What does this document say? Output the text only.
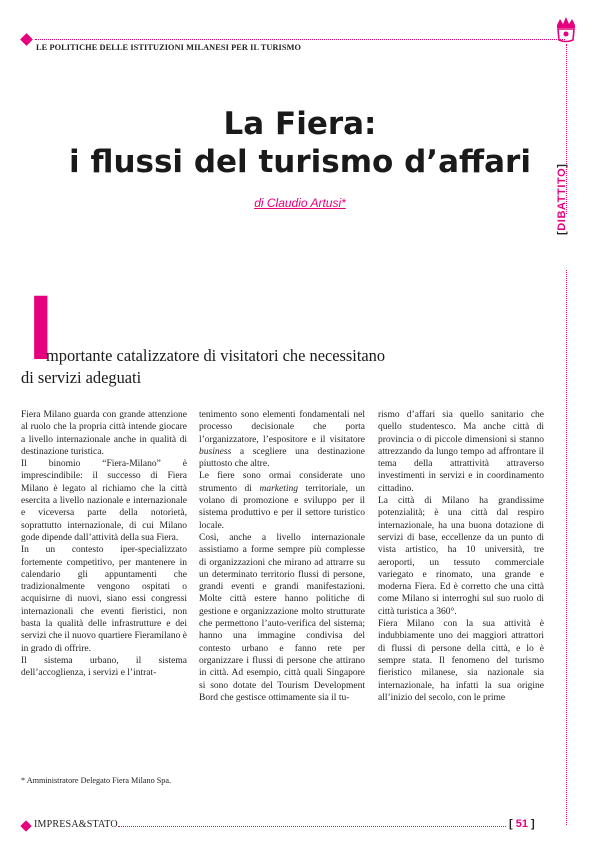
LE POLITICHE DELLE ISTITUZIONI MILANESI PER IL TURISMO
[DIBATTITO]
La Fiera:
i flussi del turismo d’affari
di Claudio Artusi*
I
mportante catalizzatore di visitatori che necessitano
di servizi adeguati

Fiera Milano guarda con grande attenzione al ruolo che la propria città intende giocare a livello internazionale anche in qualità di destinazione turistica.

Il binomio “Fiera-Milano” è imprescindibile: il successo di Fiera Milano è legato al richiamo che la città esercita a livello nazionale e internazionale e viceversa parte della notorietà, soprattutto internazionale, di cui Milano gode dipende dall’attività della sua Fiera.

In un contesto iper-specializzato fortemente competitivo, per mantenere in calendario gli appuntamenti che tradizionalmente vengono ospitati o acquisirne di nuovi, siano essi congressi internazionali che eventi fieristici, non basta la qualità delle infrastrutture e dei servizi che il nuovo quartiere Fieramilano è in grado di offrire.

Il sistema urbano, il sistema dell’accoglienza, i servizi e l’intrat-

tenimento sono elementi fondamentali nel processo decisionale che porta l’organizzatore, l’espositore e il visitatore business a scegliere una destinazione piuttosto che altre.

Le fiere sono ormai considerate uno strumento di marketing territoriale, un volano di promozione e sviluppo per il sistema produttivo e per il settore turistico locale.

Così, anche a livello internazionale assistiamo a forme sempre più complesse di organizzazioni che mirano ad attrarre su un determinato territorio flussi di persone, grandi eventi e grandi manifestazioni. Molte città estere hanno politiche di gestione e organizzazione molto strutturate che permettono l’auto-verifica del sistema; hanno una immagine condivisa del contesto urbano e fanno rete per organizzare i flussi di persone che attirano in città. Ad esempio, città quali Singapore si sono dotate del Tourism Development Bord che gestisce ottimamente sia il tu-

rismo d’affari sia quello sanitario che quello studentesco. Ma anche città di provincia o di piccole dimensioni si stanno attrezzando da lungo tempo ad affrontare il tema della attrattività attraverso investimenti in servizi e in coordinamento cittadino.

La città di Milano ha grandissime potenzialità; è una città dal respiro internazionale, ha una buona dotazione di servizi di base, eccellenze da un punto di vista artistico, ha 10 università, tre aeroporti, un tessuto commerciale variegato e rinomato, una grande e moderna Fiera. Ed è corretto che una città come Milano si interroghi sul suo ruolo di città turistica a 360°.

Fiera Milano con la sua attività è indubbiamente uno dei maggiori attrattori di flussi di persone della città, e lo è sempre stata. Il fenomeno del turismo fieristico milanese, sia nazionale sia internazionale, ha infatti la sua origine all’inizio del secolo, con le prime

* Amministratore Delegato Fiera Milano Spa.
IMPRESA&STATO	[ 51 ]
